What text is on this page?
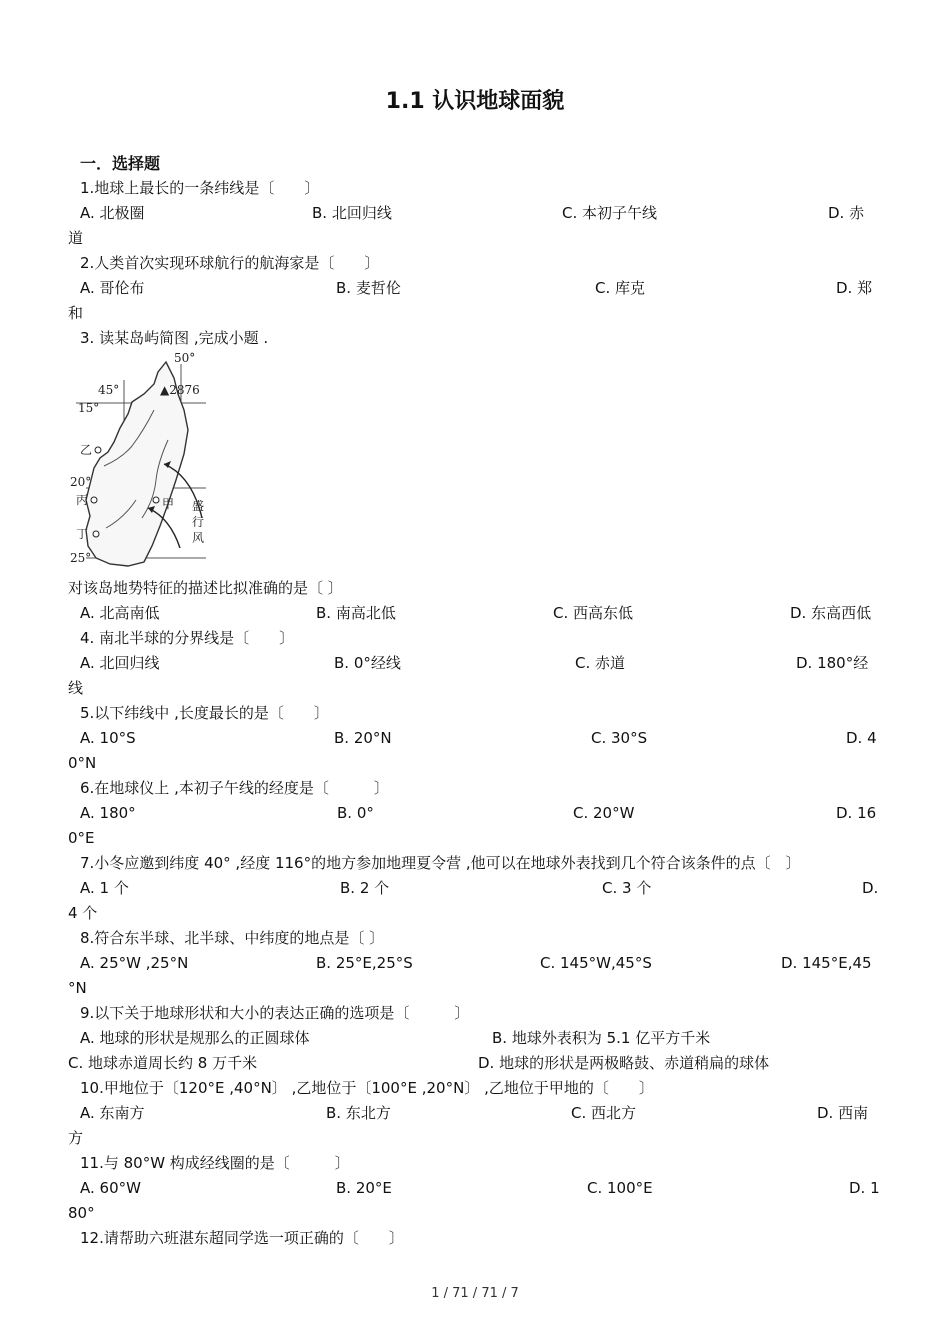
1.1 认识地球面貌
一．选择题
1.地球上最长的一条纬线是〔　　〕
A. 北极圈	B. 北回归线	C. 本初子午线	D. 赤
道
2.人类首次实现环球航行的航海家是〔　　〕
A. 哥伦布	B. 麦哲伦	C. 库克	D. 郑
和
3. 读某岛屿简图 ,完成小题 .
50°
45°
15°
20°
25°
▲2876
乙
丙
丁
甲 盛
行
风
对该岛地势特征的描述比拟准确的是〔 〕
A. 北高南低	B. 南高北低	C. 西高东低	D. 东高西低
4. 南北半球的分界线是〔　　〕
A. 北回归线	B. 0°经线	C. 赤道	D. 180°经
线
5.以下纬线中 ,长度最长的是〔　　〕
A. 10°S	B. 20°N	C. 30°S	D. 4
0°N
6.在地球仪上 ,本初子午线的经度是〔　　　〕
A. 180°	B. 0°	C. 20°W	D. 16
0°E
7.小冬应邀到纬度 40° ,经度 116°的地方参加地理夏令营 ,他可以在地球外表找到几个符合该条件的点〔　〕
A. 1 个	B. 2 个	C. 3 个	D.
4 个
8.符合东半球、北半球、中纬度的地点是〔 〕
A. 25°W ,25°N	B. 25°E,25°S	C. 145°W,45°S	D. 145°E,45
°N
9.以下关于地球形状和大小的表达正确的选项是〔　　　〕
A. 地球的形状是规那么的正圆球体	B. 地球外表积为 5.1 亿平方千米
C. 地球赤道周长约 8 万千米	D. 地球的形状是两极略鼓、赤道稍扁的球体
10.甲地位于〔120°E ,40°N〕 ,乙地位于〔100°E ,20°N〕 ,乙地位于甲地的〔　　〕
A. 东南方	B. 东北方	C. 西北方	D. 西南
方
11.与 80°W 构成经线圈的是〔　　　〕
A. 60°W	B. 20°E	C. 100°E	D. 1
80°
12.请帮助六班湛东超同学选一项正确的〔　　〕
1 / 71 / 71 / 7
